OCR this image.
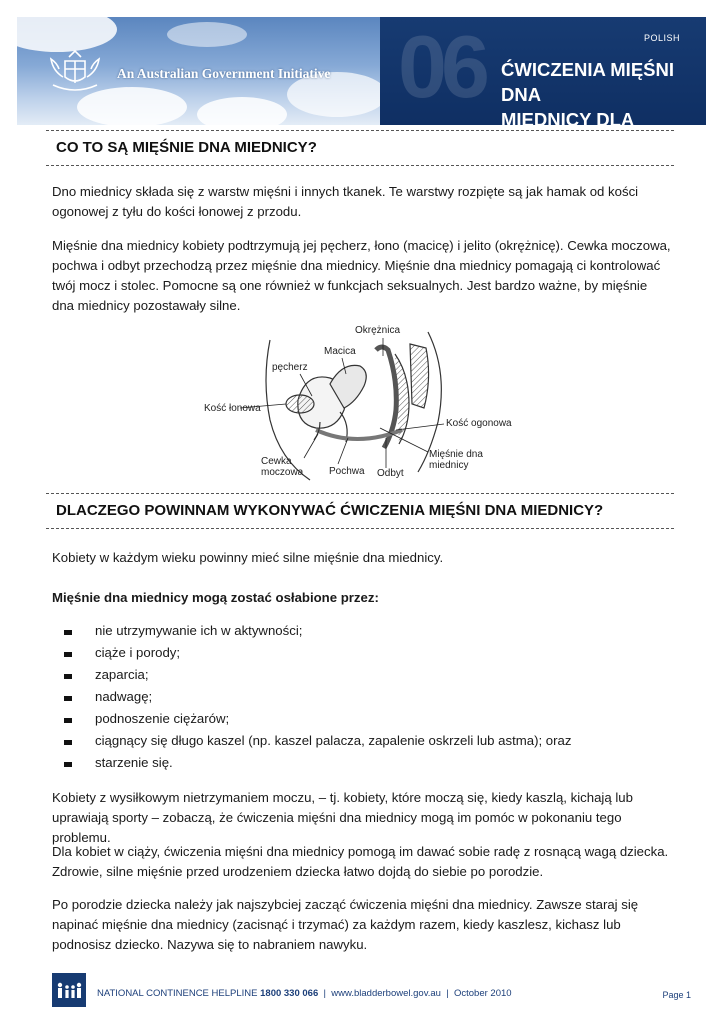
An Australian Government Initiative 06	POLISH
ĆWICZENIA MIĘŚNI DNA
MIEDNICY DLA KOBIET
CO TO SĄ MIĘŚNIE DNA MIEDNICY?

Dno miednicy składa się z warstw mięśni i innych tkanek. Te warstwy rozpięte są jak hamak od kości ogonowej z tyłu do kości łonowej z przodu.

Mięśnie dna miednicy kobiety podtrzymują jej pęcherz, łono (macicę) i jelito (okrężnicę). Cewka moczowa, pochwa i odbyt przechodzą przez mięśnie dna miednicy. Mięśnie dna miednicy pomagają ci kontrolować twój mocz i stolec. Pomocne są one również w funkcjach seksualnych. Jest bardzo ważne, by mięśnie dna miednicy pozostawały silne.

Okrężnica
Macica
pęcherz
Kość łonowa
Kość ogonowa
Mięśnie dna
miednicy
Cewka
moczowa	Pochwa Odbyt
DLACZEGO POWINNAM WYKONYWAĆ ĆWICZENIA MIĘŚNI DNA MIEDNICY?

Kobiety w każdym wieku powinny mieć silne mięśnie dna miednicy.

Mięśnie dna miednicy mogą zostać osłabione przez:

nie utrzymywanie ich w aktywności;
ciąże i porody;
zaparcia;
nadwagę;
podnoszenie ciężarów;
ciągnący się długo kaszel (np. kaszel palacza, zapalenie oskrzeli lub astma); oraz
starzenie się.

Kobiety z wysiłkowym nietrzymaniem moczu, – tj. kobiety, które moczą się, kiedy kaszlą, kichają lub uprawiają sporty – zobaczą, że ćwiczenia mięśni dna miednicy mogą im pomóc w pokonaniu tego problemu.

Dla kobiet w ciąży, ćwiczenia mięśni dna miednicy pomogą im dawać sobie radę z rosnącą wagą dziecka. Zdrowie, silne mięśnie przed urodzeniem dziecka łatwo dojdą do siebie po porodzie.

Po porodzie dziecka należy jak najszybciej zacząć ćwiczenia mięśni dna miednicy. Zawsze staraj się napinać mięśnie dna miednicy (zacisnąć i trzymać) za każdym razem, kiedy kaszlesz, kichasz lub podnosisz dziecko. Nazywa się to nabraniem nawyku.

NATIONAL CONTINENCE HELPLINE 1800 330 066 | www.bladderbowel.gov.au | October 2010	Page 1
